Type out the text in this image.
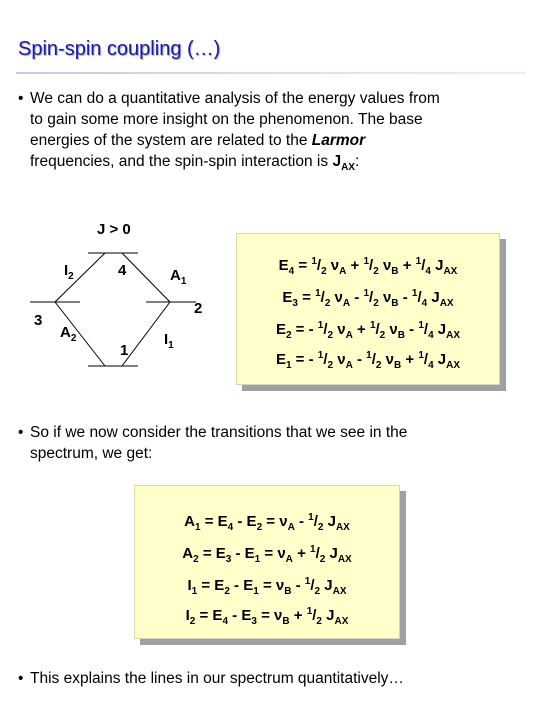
Spin-spin coupling (…)
• We can do a quantitative analysis of the energy values from
to gain some more insight on the phenomenon. The base
energies of the system are related to the Larmor
frequencies, and the spin-spin interaction is $J_{AX}$:
J > 0
$I_2$	4	$A_1$
3
$A_2$
2
1
$I_1$
$E_4 = ^1/_2$ $\nu_A + ^1/_2$ $\nu_B + ^1/_4$ $J_{AX}$
$E_3 = ^1/_2$ $\nu_A - ^1/_2$ $\nu_B - ^1/_4$ $J_{AX}$
$E_2$ = - $^1/_2$ $\nu_A + ^1/_2$ $\nu_B - ^1/_4$ $J_{AX}$
$E_1$ = - $^1/_2$ $\nu_A - ^1/_2$ $\nu_B + ^1/_4$ $J_{AX}$
• So if we now consider the transitions that we see in the
spectrum, we get:
$A_1 = E_4 - E_2 = \nu_A - ^1/_2$ $J_{AX}$
$A_2 = E_3 - E_1 = \nu_A + ^1/_2$ $J_{AX}$
$I_1 = E_2 - E_1 = \nu_B - ^1/_2$ $J_{AX}$
$I_2 = E_4 - E_3 = \nu_B + ^1/_2$ $J_{AX}$
• This explains the lines in our spectrum quantitatively…
